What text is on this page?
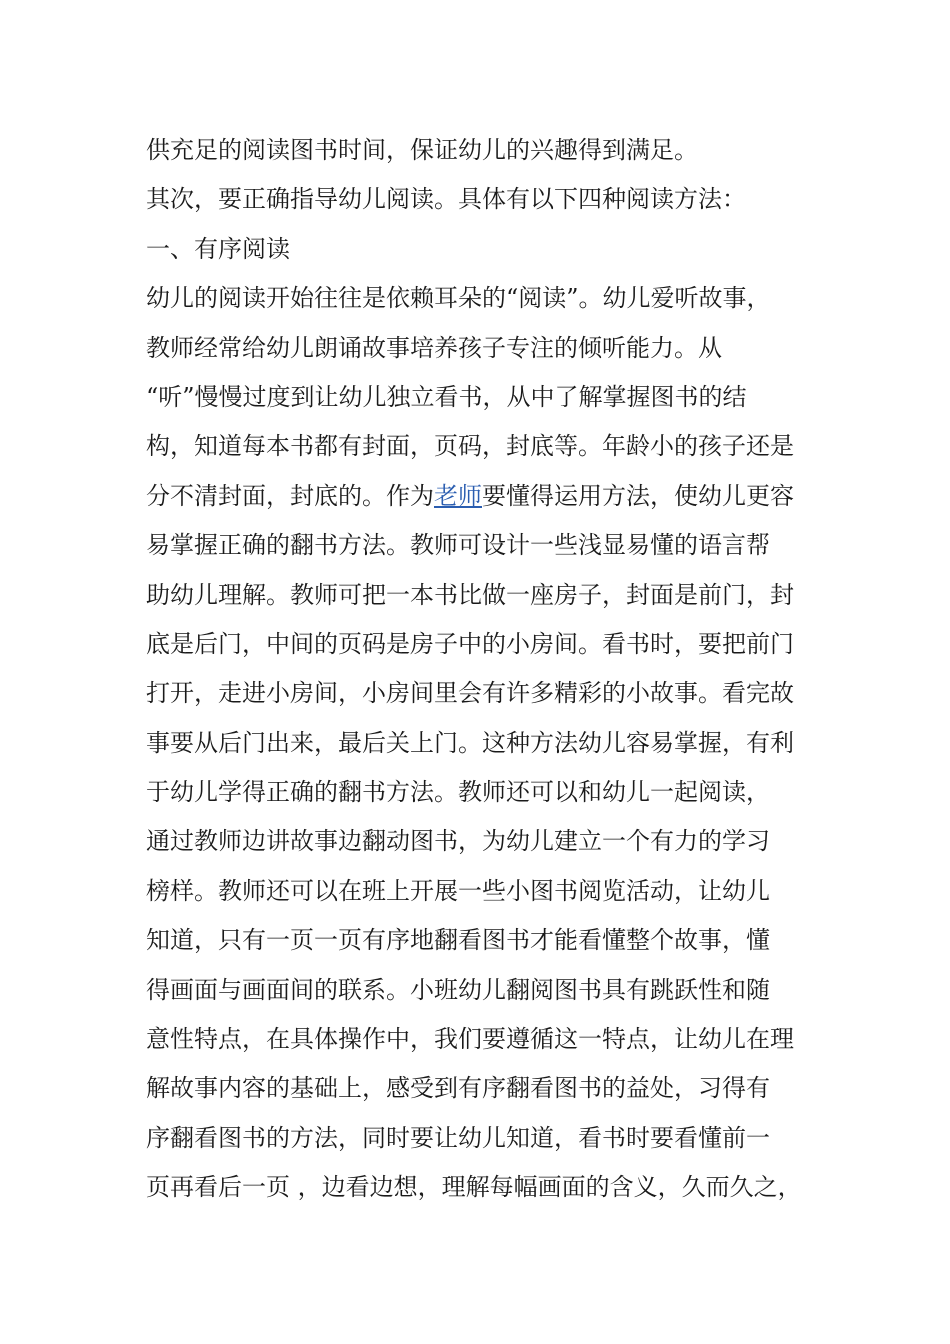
供充足的阅读图书时间，保证幼儿的兴趣得到满足。
其次，要正确指导幼儿阅读。具体有以下四种阅读方法：
一、有序阅读
幼儿的阅读开始往往是依赖耳朵的“阅读”。幼儿爱听故事，
教师经常给幼儿朗诵故事培养孩子专注的倾听能力。从
“听”慢慢过度到让幼儿独立看书，从中了解掌握图书的结
构，知道每本书都有封面，页码，封底等。年龄小的孩子还是
分不清封面，封底的。作为老师要懂得运用方法，使幼儿更容
易掌握正确的翻书方法。教师可设计一些浅显易懂的语言帮
助幼儿理解。教师可把一本书比做一座房子，封面是前门，封
底是后门，中间的页码是房子中的小房间。看书时，要把前门
打开，走进小房间，小房间里会有许多精彩的小故事。看完故
事要从后门出来，最后关上门。这种方法幼儿容易掌握，有利
于幼儿学得正确的翻书方法。教师还可以和幼儿一起阅读，
通过教师边讲故事边翻动图书，为幼儿建立一个有力的学习
榜样。教师还可以在班上开展一些小图书阅览活动，让幼儿
知道，只有一页一页有序地翻看图书才能看懂整个故事，懂
得画面与画面间的联系。小班幼儿翻阅图书具有跳跃性和随
意性特点，在具体操作中，我们要遵循这一特点，让幼儿在理
解故事内容的基础上，感受到有序翻看图书的益处，习得有
序翻看图书的方法，同时要让幼儿知道，看书时要看懂前一
页再看后一页 ，边看边想，理解每幅画面的含义，久而久之，
